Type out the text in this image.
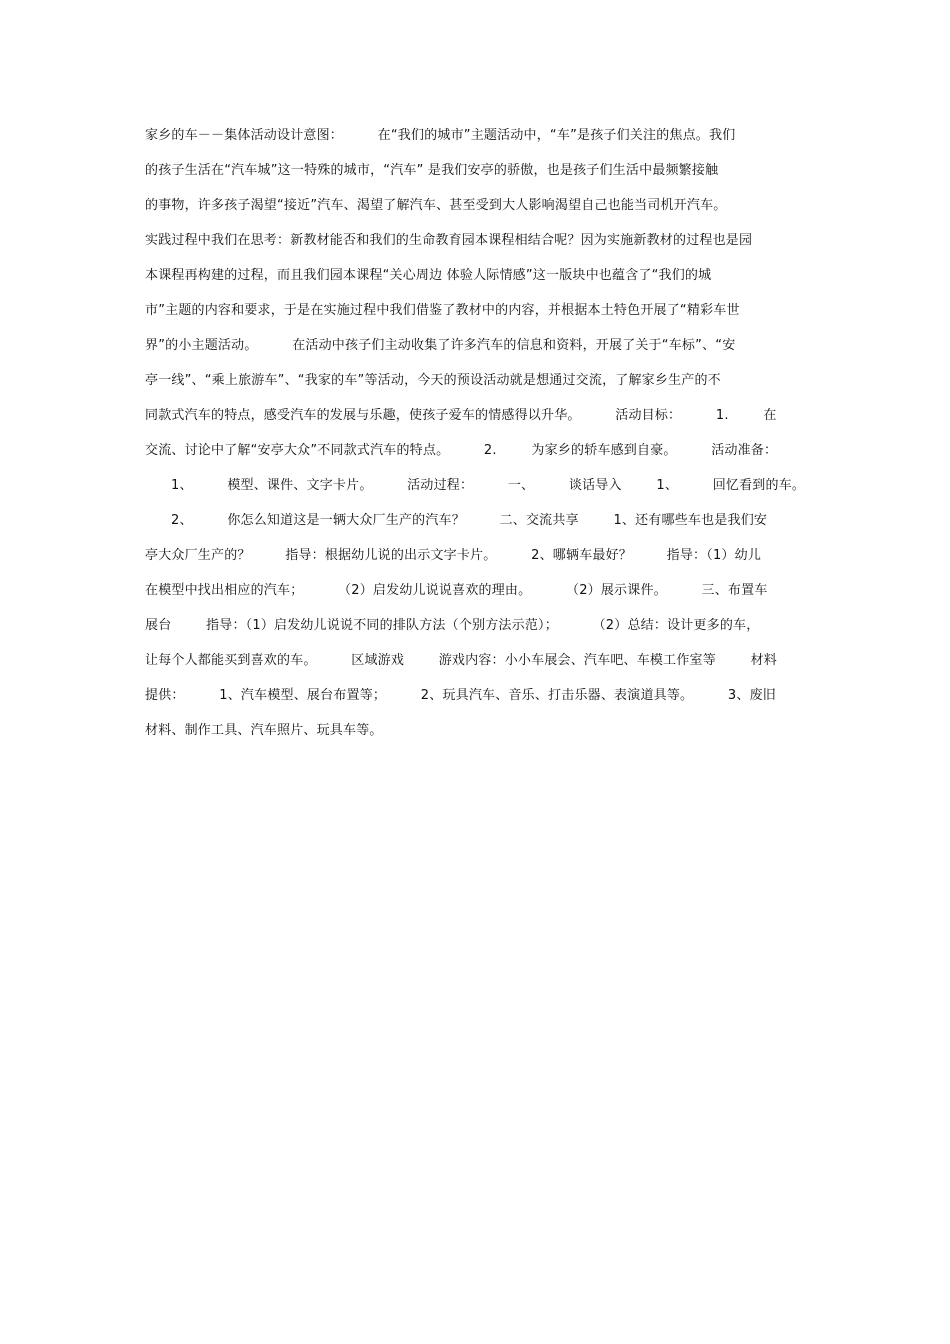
家乡的车－－集体活动设计意图：        在“我们的城市”主题活动中，“车”是孩子们关注的焦点。我们
的孩子生活在“汽车城”这一特殊的城市，“汽车” 是我们安亭的骄傲，也是孩子们生活中最频繁接触
的事物，许多孩子渴望“接近”汽车、渴望了解汽车、甚至受到大人影响渴望自己也能当司机开汽车。
实践过程中我们在思考：新教材能否和我们的生命教育园本课程相结合呢？因为实施新教材的过程也是园
本课程再构建的过程，而且我们园本课程“关心周边 体验人际情感”这一版块中也蕴含了“我们的城
市”主题的内容和要求，于是在实施过程中我们借鉴了教材中的内容，并根据本土特色开展了“精彩车世
界”的小主题活动。        在活动中孩子们主动收集了许多汽车的信息和资料，开展了关于“车标”、“安
亭一线”、“乘上旅游车”、“我家的车”等活动，今天的预设活动就是想通过交流，了解家乡生产的不
同款式汽车的特点，感受汽车的发展与乐趣，使孩子爱车的情感得以升华。        活动目标：        1.        在
交流、讨论中了解“安亭大众”不同款式汽车的特点。        2.        为家乡的轿车感到自豪。        活动准备：
1、        模型、课件、文字卡片。        活动过程：        一、        谈话导入        1、        回忆看到的车。
2、        你怎么知道这是一辆大众厂生产的汽车？        二、交流共享        1、还有哪些车也是我们安
亭大众厂生产的？        指导：根据幼儿说的出示文字卡片。        2、哪辆车最好？        指导：（1）幼儿
在模型中找出相应的汽车；        （2）启发幼儿说说喜欢的理由。        （2）展示课件。        三、布置车
展台        指导：（1）启发幼儿说说不同的排队方法（个别方法示范）；        （2）总结：设计更多的车，
让每个人都能买到喜欢的车。        区域游戏        游戏内容：小小车展会、汽车吧、车模工作室等        材料
提供：        1、汽车模型、展台布置等；        2、玩具汽车、音乐、打击乐器、表演道具等。        3、废旧
材料、制作工具、汽车照片、玩具车等。
